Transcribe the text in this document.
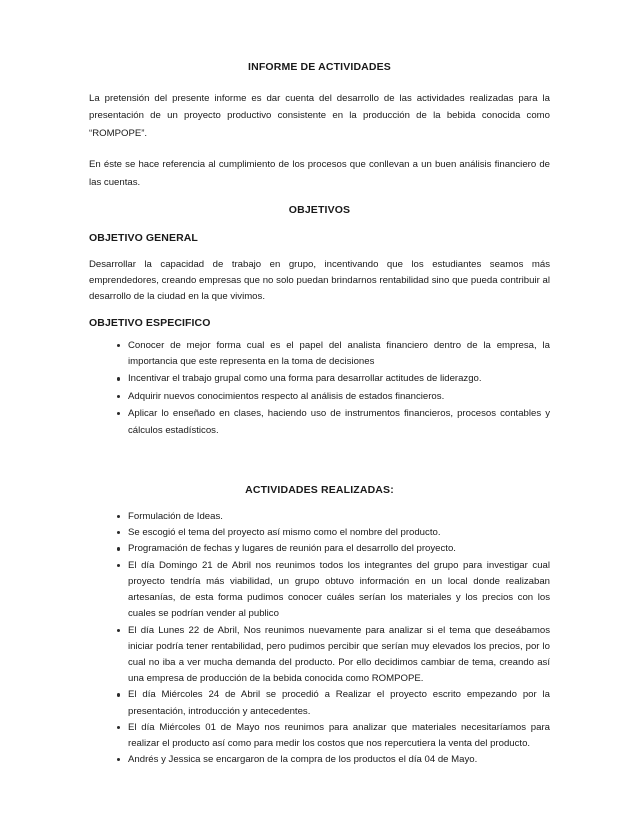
INFORME DE ACTIVIDADES

La pretensión del presente informe es dar cuenta del desarrollo de las actividades realizadas para la presentación de un proyecto productivo consistente en la producción de la bebida conocida como “ROMPOPE”.

En éste se hace referencia al cumplimiento de los procesos que conllevan a un buen análisis financiero de las cuentas.

OBJETIVOS
OBJETIVO GENERAL

Desarrollar la capacidad de trabajo en grupo, incentivando que los estudiantes seamos más emprendedores, creando empresas que no solo puedan brindarnos rentabilidad sino que pueda contribuir al desarrollo de la ciudad en la que vivimos.

OBJETIVO ESPECIFICO
Conocer de mejor forma cual es el papel del analista financiero dentro de la empresa, la importancia que este representa en la toma de decisiones
Incentivar el trabajo grupal como una forma para desarrollar actitudes de liderazgo.
Adquirir nuevos conocimientos respecto al análisis de estados financieros.
Aplicar lo enseñado en clases, haciendo uso de instrumentos financieros, procesos contables y cálculos estadísticos.
ACTIVIDADES REALIZADAS:
Formulación de Ideas.
Se escogió el tema del proyecto así mismo como el nombre del producto.
Programación de fechas y lugares de reunión para el desarrollo del proyecto.
El día Domingo 21 de Abril nos reunimos todos los integrantes del grupo para investigar cual proyecto tendría más viabilidad, un grupo obtuvo información en un local donde realizaban artesanías, de esta forma pudimos conocer cuáles serían los materiales y los precios con los cuales se podrían vender al publico
El día Lunes 22 de Abril, Nos reunimos nuevamente para analizar si el tema que deseábamos iniciar podría tener rentabilidad, pero pudimos percibir que serían muy elevados los precios, por lo cual no iba a ver mucha demanda del producto. Por ello decidimos cambiar de tema, creando así una empresa de producción de la bebida conocida como ROMPOPE.
El día Miércoles 24 de Abril se procedió a Realizar el proyecto escrito empezando por la presentación, introducción y antecedentes.
El día Miércoles 01 de Mayo nos reunimos para analizar que materiales necesitaríamos para realizar el producto así como para medir los costos que nos repercutiera la venta del producto.
Andrés y Jessica se encargaron de la compra de los productos el día 04 de Mayo.
